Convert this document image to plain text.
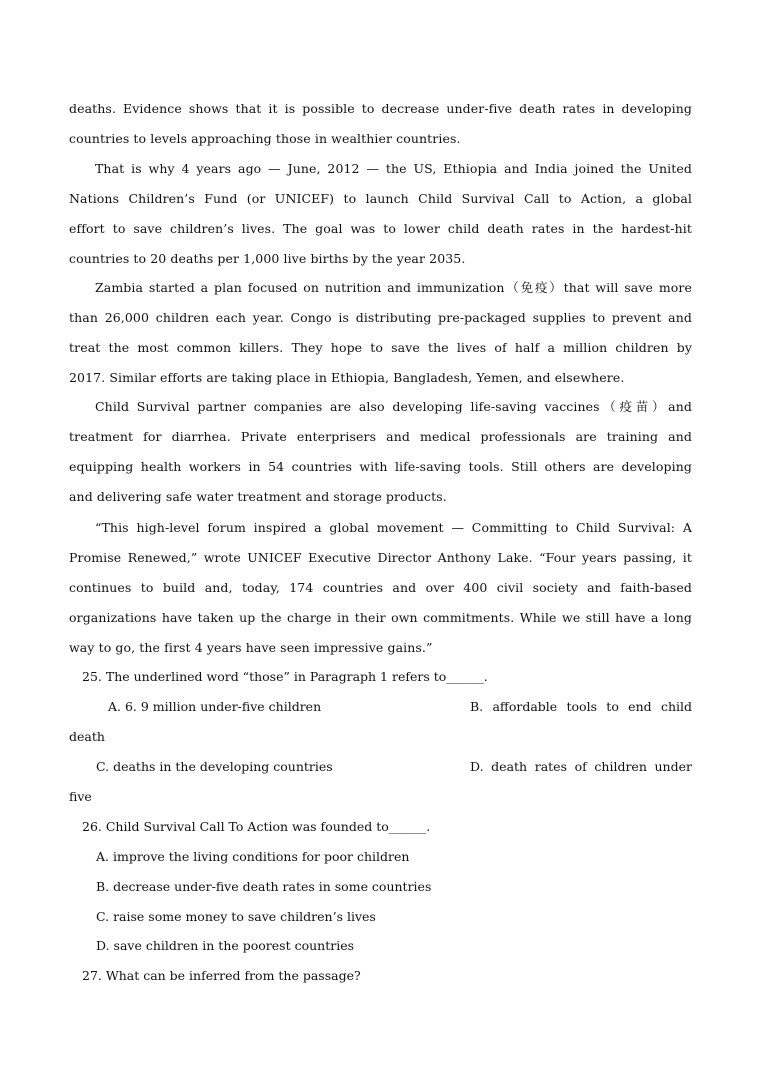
deaths. Evidence shows that it is possible to decrease under-five death rates in developing
countries to levels approaching those in wealthier countries.
That is why 4 years ago — June, 2012 — the US, Ethiopia and India joined the United
Nations Children’s Fund (or UNICEF) to launch Child Survival Call to Action, a global
effort to save children’s lives. The goal was to lower child death rates in the hardest-hit
countries to 20 deaths per 1,000 live births by the year 2035.
Zambia started a plan focused on nutrition and immunization（免疫）that will save more
than 26,000 children each year. Congo is distributing pre-packaged supplies to prevent and
treat the most common killers. They hope to save the lives of half a million children by
2017. Similar efforts are taking place in Ethiopia, Bangladesh, Yemen, and elsewhere.
Child Survival partner companies are also developing life-saving vaccines（疫苗）and
treatment for diarrhea. Private enterprisers and medical professionals are training and
equipping health workers in 54 countries with life-saving tools. Still others are developing
and delivering safe water treatment and storage products.
“This high-level forum inspired a global movement — Committing to Child Survival: A
Promise Renewed,” wrote UNICEF Executive Director Anthony Lake. “Four years passing, it
continues to build and, today, 174 countries and over 400 civil society and faith-based
organizations have taken up the charge in their own commitments. While we still have a long
way to go, the first 4 years have seen impressive gains.”

25. The underlined word “those” in Paragraph 1 refers to______.

A. 6. 9 million under-five children	B. affordable tools to end child
death
C. deaths in the developing countries	D. death rates of children under
five

26. Child Survival Call To Action was founded to______.

A. improve the living conditions for poor children
B. decrease under-five death rates in some countries
C. raise some money to save children’s lives
D. save children in the poorest countries

27. What can be inferred from the passage?
